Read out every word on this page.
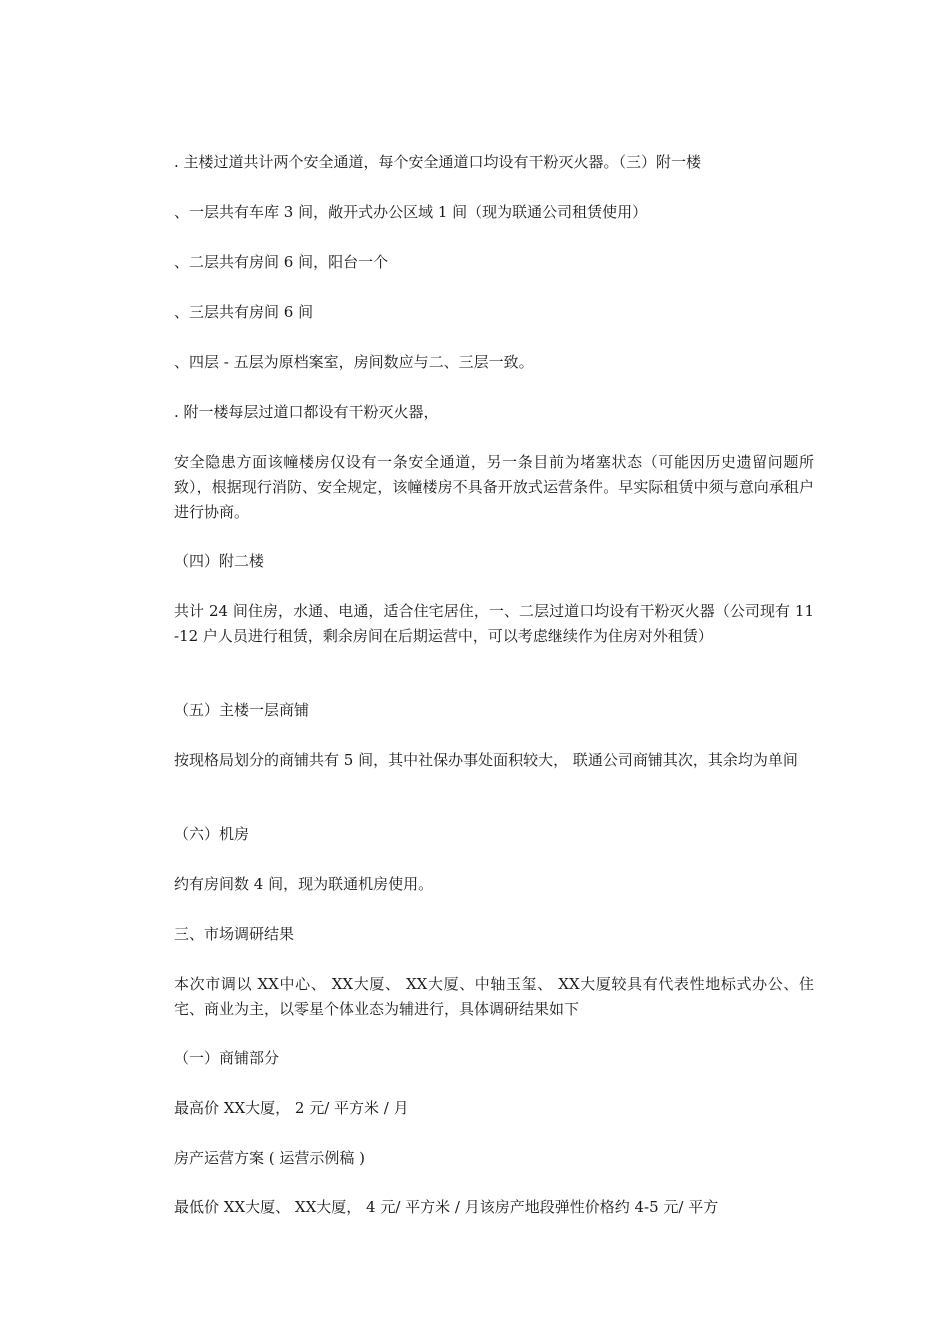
. 主楼过道共计两个安全通道，每个安全通道口均设有干粉灭火器。（三）附一楼

、一层共有车库 3 间，敞开式办公区域 1 间（现为联通公司租赁使用）

、二层共有房间 6 间，阳台一个

、三层共有房间 6 间

、四层 - 五层为原档案室，房间数应与二、三层一致。

. 附一楼每层过道口都设有干粉灭火器，

安全隐患方面该幢楼房仅设有一条安全通道，另一条目前为堵塞状态（可能因历史遗留问题所致），根据现行消防、安全规定，该幢楼房不具备开放式运营条件。早实际租赁中须与意向承租户进行协商。

（四）附二楼

共计 24 间住房，水通、电通，适合住宅居住，一、二层过道口均设有干粉灭火器（公司现有 11-12 户人员进行租赁，剩余房间在后期运营中，可以考虑继续作为住房对外租赁）

（五）主楼一层商铺

按现格局划分的商铺共有 5 间，其中社保办事处面积较大， 联通公司商铺其次，其余均为单间

（六）机房

约有房间数 4 间，现为联通机房使用。

三、市场调研结果

本次市调以 XX中心、 XX大厦、 XX大厦、中轴玉玺、 XX大厦较具有代表性地标式办公、住宅、商业为主，以零星个体业态为辅进行，具体调研结果如下

（一）商铺部分

最高价 XX大厦， 2 元/ 平方米 / 月

房产运营方案 ( 运营示例稿 )

最低价 XX大厦、 XX大厦， 4 元/ 平方米 / 月该房产地段弹性价格约 4-5 元/ 平方
